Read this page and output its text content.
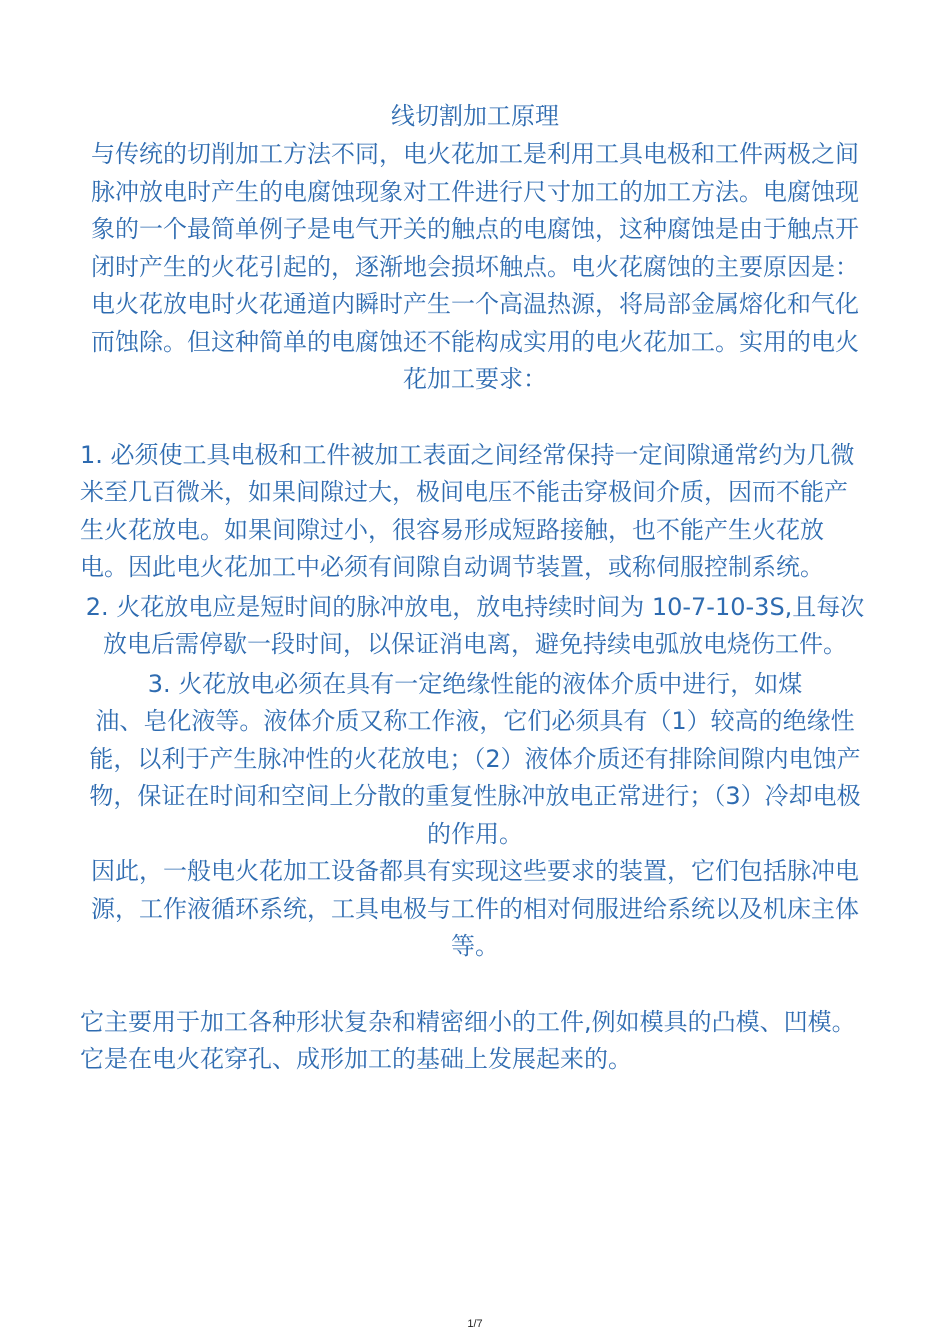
线切割加工原理

与传统的切削加工方法不同，电火花加工是利用工具电极和工件两极之间脉冲放电时产生的电腐蚀现象对工件进行尺寸加工的加工方法。电腐蚀现象的一个最简单例子是电气开关的触点的电腐蚀，这种腐蚀是由于触点开闭时产生的火花引起的，逐渐地会损坏触点。电火花腐蚀的主要原因是：电火花放电时火花通道内瞬时产生一个高温热源，将局部金属熔化和气化而蚀除。但这种简单的电腐蚀还不能构成实用的电火花加工。实用的电火花加工要求：

1. 必须使工具电极和工件被加工表面之间经常保持一定间隙通常约为几微米至几百微米，如果间隙过大，极间电压不能击穿极间介质，因而不能产生火花放电。如果间隙过小，很容易形成短路接触，也不能产生火花放电。因此电火花加工中必须有间隙自动调节装置，或称伺服控制系统。

2. 火花放电应是短时间的脉冲放电，放电持续时间为 10-7-10-3S,且每次放电后需停歇一段时间，以保证消电离，避免持续电弧放电烧伤工件。

3. 火花放电必须在具有一定绝缘性能的液体介质中进行，如煤

油、皂化液等。液体介质又称工作液，它们必须具有（1）较高的绝缘性能，以利于产生脉冲性的火花放电；（2）液体介质还有排除间隙内电蚀产物，保证在时间和空间上分散的重复性脉冲放电正常进行；（3）冷却电极的作用。

因此，一般电火花加工设备都具有实现这些要求的装置，它们包括脉冲电源，工作液循环系统，工具电极与工件的相对伺服进给系统以及机床主体等。

它主要用于加工各种形状复杂和精密细小的工件,例如模具的凸模、凹模。它是在电火花穿孔、成形加工的基础上发展起来的。

1/7
